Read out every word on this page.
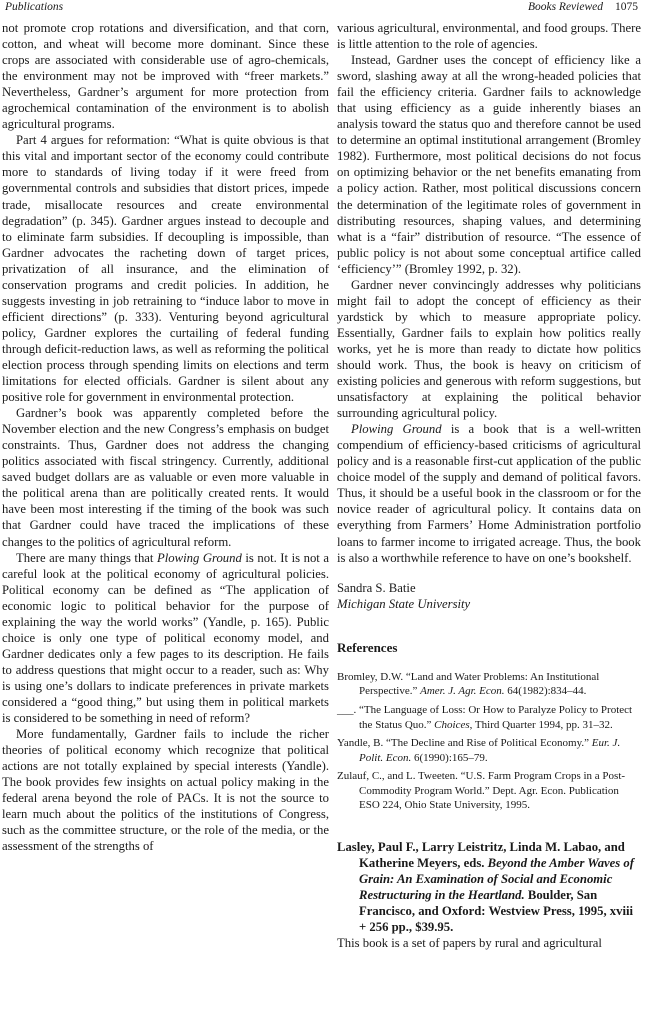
Publications	Books Reviewed 1075

not promote crop rotations and diversification, and that corn, cotton, and wheat will become more dominant. Since these crops are associated with considerable use of agro-chemicals, the environment may not be improved with “freer markets.” Nevertheless, Gardner’s argument for more protection from agrochemical contamination of the environment is to abolish agricultural programs.

Part 4 argues for reformation: “What is quite obvious is that this vital and important sector of the economy could contribute more to standards of living today if it were freed from governmental controls and subsidies that distort prices, impede trade, misallocate resources and create environmental degradation” (p. 345). Gardner argues instead to decouple and to eliminate farm subsidies. If decoupling is impossible, than Gardner advocates the racheting down of target prices, privatization of all insurance, and the elimination of conservation programs and credit policies. In addition, he suggests investing in job retraining to “induce labor to move in efficient directions” (p. 333). Venturing beyond agricultural policy, Gardner explores the curtailing of federal funding through deficit-reduction laws, as well as reforming the political election process through spending limits on elections and term limitations for elected officials. Gardner is silent about any positive role for government in environmental protection.

Gardner’s book was apparently completed before the November election and the new Congress’s emphasis on budget constraints. Thus, Gardner does not address the changing politics associated with fiscal stringency. Currently, additional saved budget dollars are as valuable or even more valuable in the political arena than are politically created rents. It would have been most interesting if the timing of the book was such that Gardner could have traced the implications of these changes to the politics of agricultural reform.

There are many things that Plowing Ground is not. It is not a careful look at the political economy of agricultural policies. Political economy can be defined as “The application of economic logic to political behavior for the purpose of explaining the way the world works” (Yandle, p. 165). Public choice is only one type of political economy model, and Gardner dedicates only a few pages to its description. He fails to address questions that might occur to a reader, such as: Why is using one’s dollars to indicate preferences in private markets considered a “good thing,” but using them in political markets is considered to be something in need of reform?

More fundamentally, Gardner fails to include the richer theories of political economy which recognize that political actions are not totally explained by special interests (Yandle). The book provides few insights on actual policy making in the federal arena beyond the role of PACs. It is not the source to learn much about the politics of the institutions of Congress, such as the committee structure, or the role of the media, or the assessment of the strengths of

various agricultural, environmental, and food groups. There is little attention to the role of agencies.

Instead, Gardner uses the concept of efficiency like a sword, slashing away at all the wrong-headed policies that fail the efficiency criteria. Gardner fails to acknowledge that using efficiency as a guide inherently biases an analysis toward the status quo and therefore cannot be used to determine an optimal institutional arrangement (Bromley 1982). Furthermore, most political decisions do not focus on optimizing behavior or the net benefits emanating from a policy action. Rather, most political discussions concern the determination of the legitimate roles of government in distributing resources, shaping values, and determining what is a “fair” distribution of resource. “The essence of public policy is not about some conceptual artifice called ‘efficiency’” (Bromley 1992, p. 32).

Gardner never convincingly addresses why politicians might fail to adopt the concept of efficiency as their yardstick by which to measure appropriate policy. Essentially, Gardner fails to explain how politics really works, yet he is more than ready to dictate how politics should work. Thus, the book is heavy on criticism of existing policies and generous with reform suggestions, but unsatisfactory at explaining the political behavior surrounding agricultural policy.

Plowing Ground is a book that is a well-written compendium of efficiency-based criticisms of agricultural policy and is a reasonable first-cut application of the public choice model of the supply and demand of political favors. Thus, it should be a useful book in the classroom or for the novice reader of agricultural policy. It contains data on everything from Farmers’ Home Administration portfolio loans to farmer income to irrigated acreage. Thus, the book is also a worthwhile reference to have on one’s bookshelf.

Sandra S. Batie
Michigan State University
References

Bromley, D.W. “Land and Water Problems: An Institutional Perspective.” Amer. J. Agr. Econ. 64(1982):834–44.

___. “The Language of Loss: Or How to Paralyze Policy to Protect the Status Quo.” Choices, Third Quarter 1994, pp. 31–32.

Yandle, B. “The Decline and Rise of Political Economy.” Eur. J. Polit. Econ. 6(1990):165–79.

Zulauf, C., and L. Tweeten. “U.S. Farm Program Crops in a Post-Commodity Program World.” Dept. Agr. Econ. Publication ESO 224, Ohio State University, 1995.

Lasley, Paul F., Larry Leistritz, Linda M. Labao, and Katherine Meyers, eds. Beyond the Amber Waves of Grain: An Examination of Social and Economic Restructuring in the Heartland. Boulder, San Francisco, and Oxford: Westview Press, 1995, xviii + 256 pp., $39.95.

This book is a set of papers by rural and agricultural
